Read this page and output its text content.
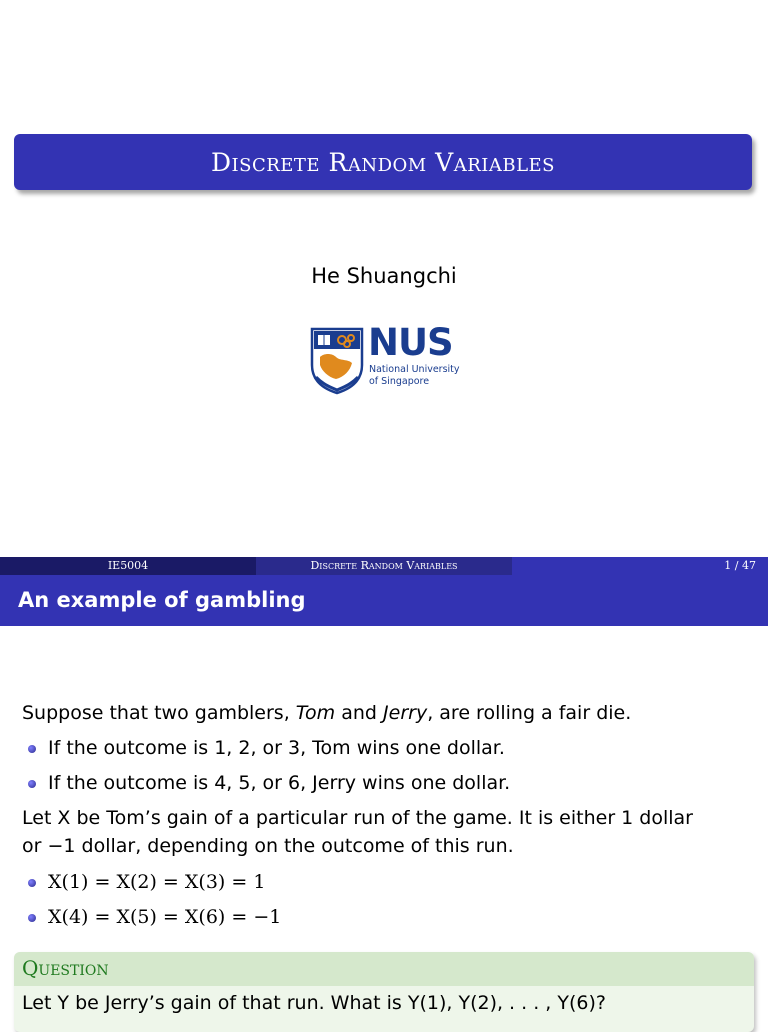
Discrete Random Variables
He Shuangchi
NUS
National University
of Singapore
IE5004	Discrete Random Variables	1 / 47
An example of gambling
Suppose that two gamblers, Tom and Jerry, are rolling a fair die.
If the outcome is 1, 2, or 3, Tom wins one dollar.
If the outcome is 4, 5, or 6, Jerry wins one dollar.
Let X be Tom’s gain of a particular run of the game. It is either 1 dollar
or −1 dollar, depending on the outcome of this run.
X(1) = X(2) = X(3) = 1
X(4) = X(5) = X(6) = −1
Question
Let Y be Jerry’s gain of that run. What is Y(1), Y(2), . . . , Y(6)?
